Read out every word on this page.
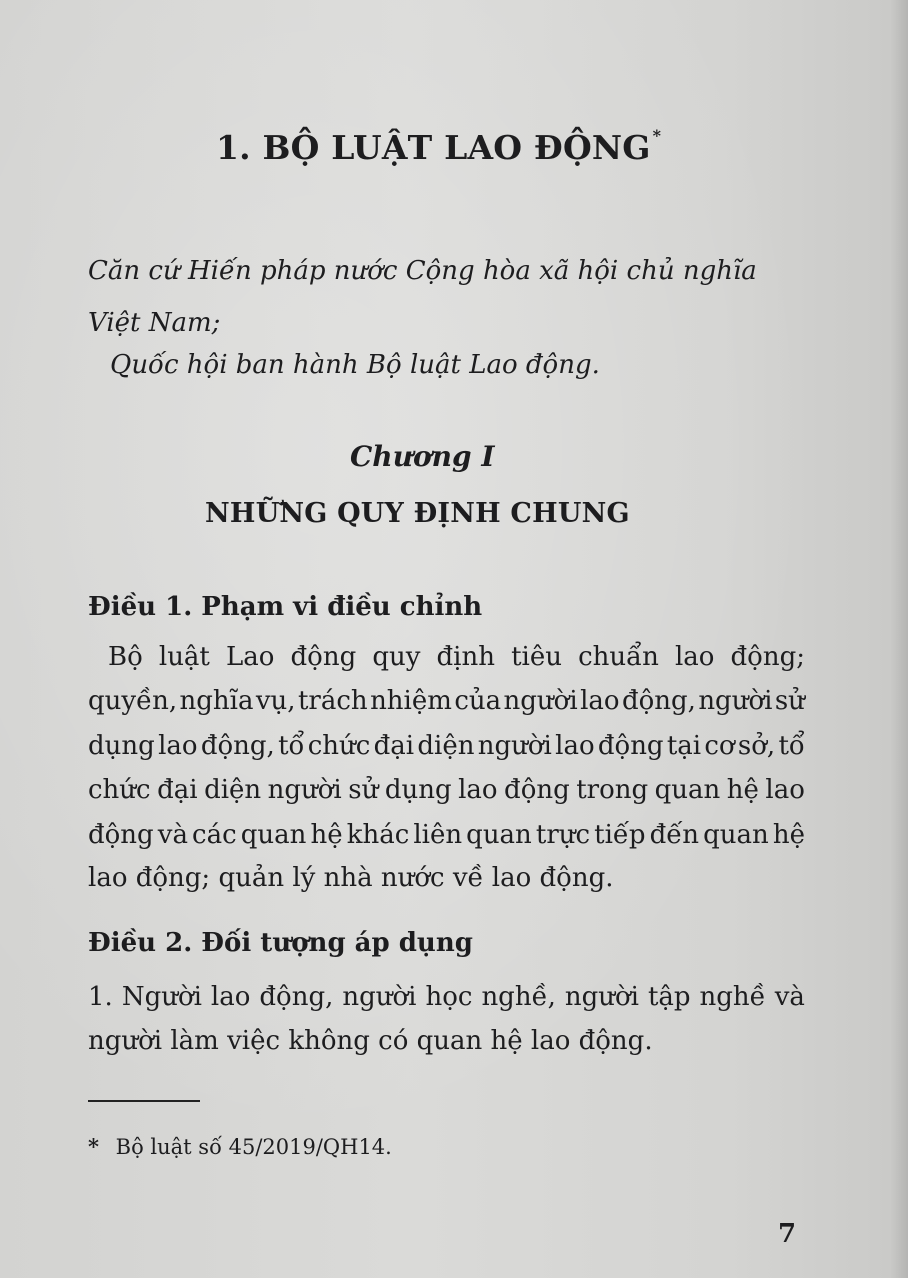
1. BỘ LUẬT LAO ĐỘNG *
Căn cứ Hiến pháp nước Cộng hòa xã hội chủ nghĩa
Việt Nam;
Quốc hội ban hành Bộ luật Lao động.
Chương I
NHỮNG QUY ĐỊNH CHUNG
Điều 1. Phạm vi điều chỉnh
Bộ luật Lao động quy định tiêu chuẩn lao động;
quyền, nghĩa vụ, trách nhiệm của người lao động, người sử
dụng lao động, tổ chức đại diện người lao động tại cơ sở, tổ
chức đại diện người sử dụng lao động trong quan hệ lao
động và các quan hệ khác liên quan trực tiếp đến quan hệ
lao động; quản lý nhà nước về lao động.
Điều 2. Đối tượng áp dụng
1. Người lao động, người học nghề, người tập nghề và
người làm việc không có quan hệ lao động.
* Bộ luật số 45/2019/QH14.
7
